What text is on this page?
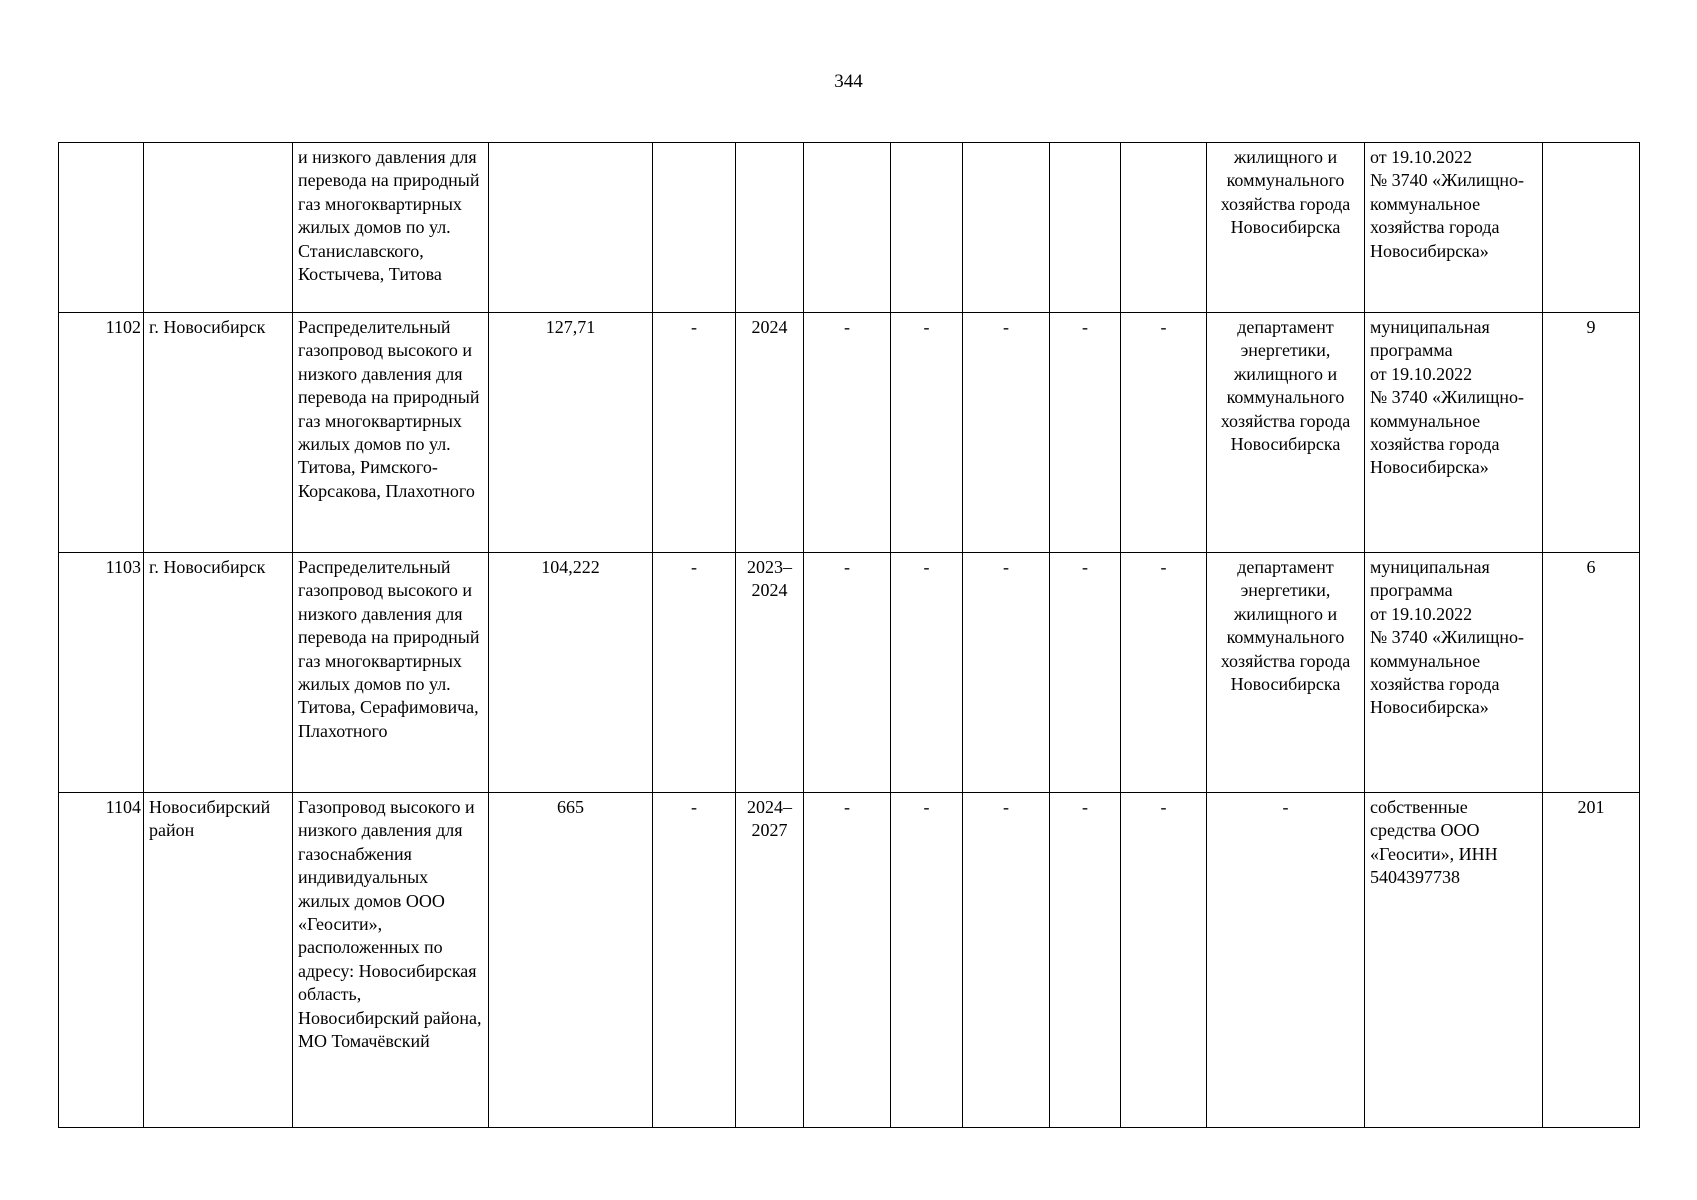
344
		и низкого давления для перевода на природный газ многоквартирных жилых домов по ул. Станиславского, Костычева, Титова									жилищного и коммунального хозяйства города Новосибирска	от 19.10.2022
№ 3740 «Жилищно-коммунальное хозяйства города Новосибирска»	
1102	г. Новосибирск	Распределительный газопровод высокого и низкого давления для перевода на природный газ многоквартирных жилых домов по ул. Титова, Римского-Корсакова, Плахотного	127,71	-	2024	-	-	-	-	-	департамент энергетики, жилищного и коммунального хозяйства города Новосибирска	муниципальная программа
от 19.10.2022
№ 3740 «Жилищно-коммунальное хозяйства города Новосибирска»	9
1103	г. Новосибирск	Распределительный газопровод высокого и низкого давления для перевода на природный газ многоквартирных жилых домов по ул. Титова, Серафимовича, Плахотного	104,222	-	2023–2024	-	-	-	-	-	департамент энергетики, жилищного и коммунального хозяйства города Новосибирска	муниципальная программа
от 19.10.2022
№ 3740 «Жилищно-коммунальное хозяйства города Новосибирска»	6
1104	Новосибирский район	Газопровод высокого и низкого давления для газоснабжения индивидуальных жилых домов ООО «Геосити», расположенных по адресу: Новосибирская область, Новосибирский района, МО Томачёвский	665	-	2024–2027	-	-	-	-	-	-	собственные средства ООО «Геосити», ИНН 5404397738	201
